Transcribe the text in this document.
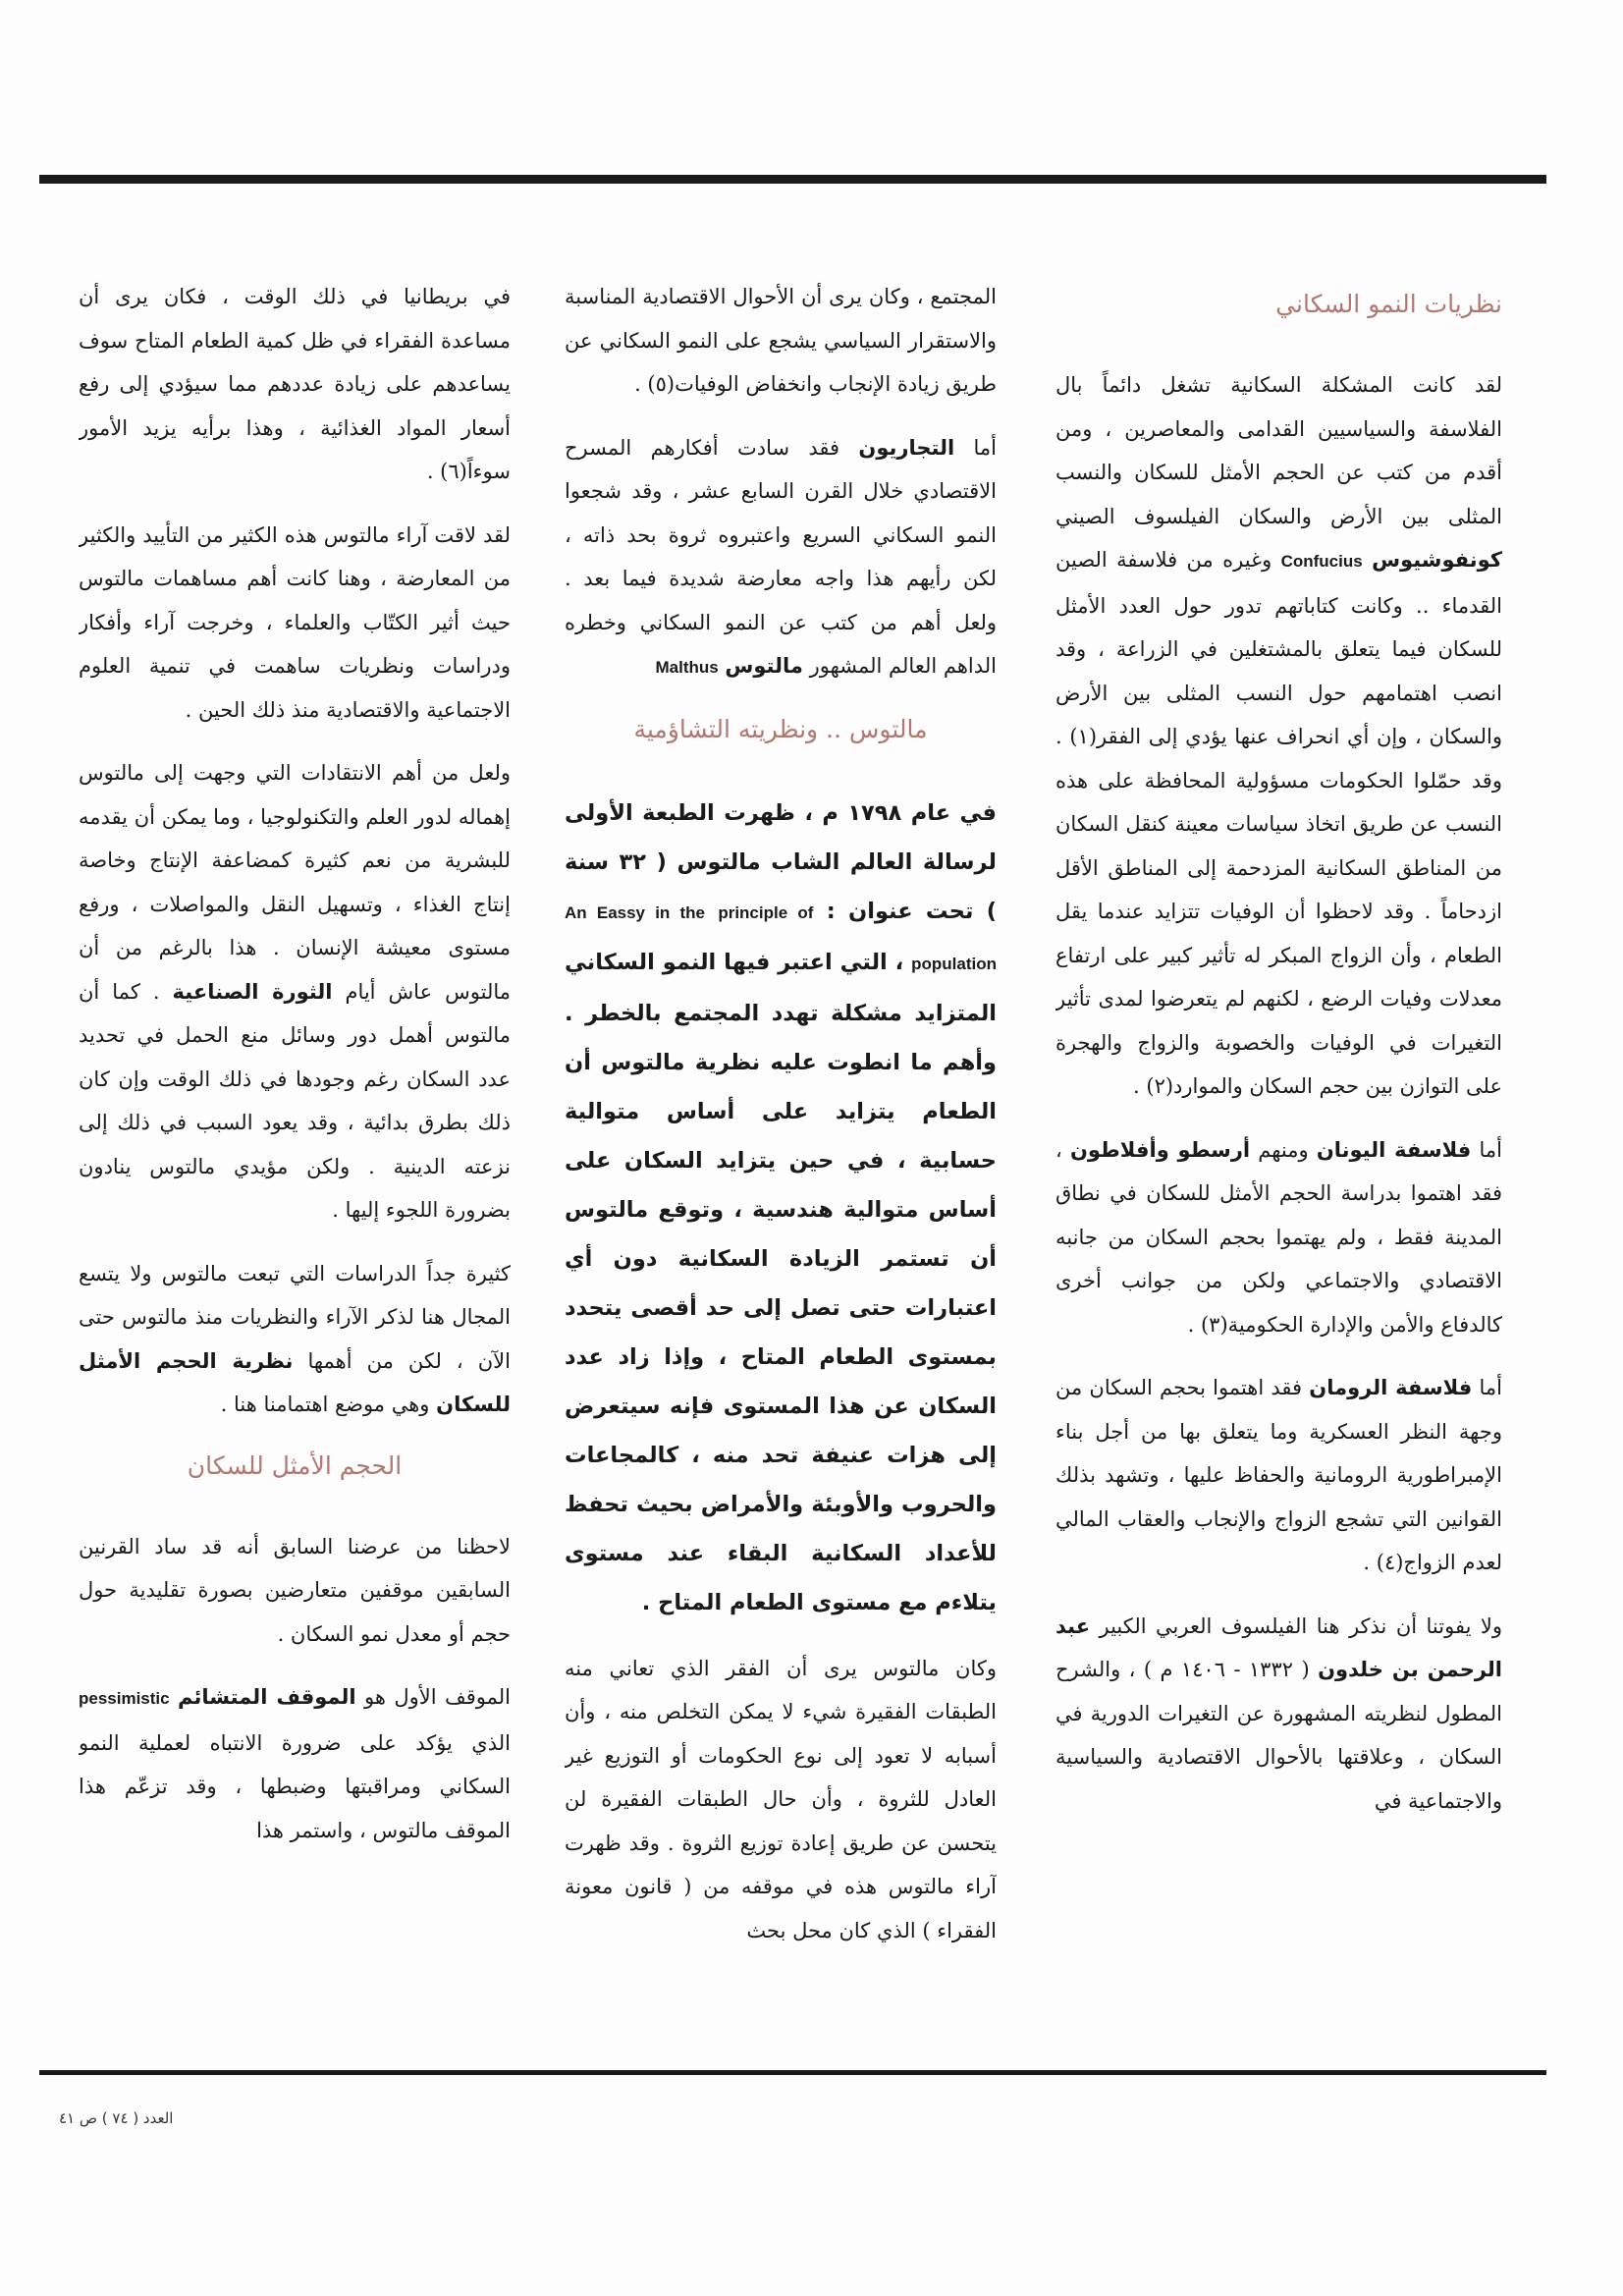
نظريات النمو السكاني

لقد كانت المشكلة السكانية تشغل دائماً بال الفلاسفة والسياسيين القدامى والمعاصرين ، ومن أقدم من كتب عن الحجم الأمثل للسكان والنسب المثلى بين الأرض والسكان الفيلسوف الصيني كونفوشيوس Confucius وغيره من فلاسفة الصين القدماء .. وكانت كتاباتهم تدور حول العدد الأمثل للسكان فيما يتعلق بالمشتغلين في الزراعة ، وقد انصب اهتمامهم حول النسب المثلى بين الأرض والسكان ، وإن أي انحراف عنها يؤدي إلى الفقر(١) . وقد حمّلوا الحكومات مسؤولية المحافظة على هذه النسب عن طريق اتخاذ سياسات معينة كنقل السكان من المناطق السكانية المزدحمة إلى المناطق الأقل ازدحاماً . وقد لاحظوا أن الوفيات تتزايد عندما يقل الطعام ، وأن الزواج المبكر له تأثير كبير على ارتفاع معدلات وفيات الرضع ، لكنهم لم يتعرضوا لمدى تأثير التغيرات في الوفيات والخصوبة والزواج والهجرة على التوازن بين حجم السكان والموارد(٢) .

أما فلاسفة اليونان ومنهم أرسطو وأفلاطون ، فقد اهتموا بدراسة الحجم الأمثل للسكان في نطاق المدينة فقط ، ولم يهتموا بحجم السكان من جانبه الاقتصادي والاجتماعي ولكن من جوانب أخرى كالدفاع والأمن والإدارة الحكومية(٣) .

أما فلاسفة الرومان فقد اهتموا بحجم السكان من وجهة النظر العسكرية وما يتعلق بها من أجل بناء الإمبراطورية الرومانية والحفاظ عليها ، وتشهد بذلك القوانين التي تشجع الزواج والإنجاب والعقاب المالي لعدم الزواج(٤) .

ولا يفوتنا أن نذكر هنا الفيلسوف العربي الكبير عبد الرحمن بن خلدون ( ١٣٣٢ - ١٤٠٦ م ) ، والشرح المطول لنظريته المشهورة عن التغيرات الدورية في السكان ، وعلاقتها بالأحوال الاقتصادية والسياسية والاجتماعية في

المجتمع ، وكان يرى أن الأحوال الاقتصادية المناسبة والاستقرار السياسي يشجع على النمو السكاني عن طريق زيادة الإنجاب وانخفاض الوفيات(٥) .

أما التجاريون فقد سادت أفكارهم المسرح الاقتصادي خلال القرن السابع عشر ، وقد شجعوا النمو السكاني السريع واعتبروه ثروة بحد ذاته ، لكن رأيهم هذا واجه معارضة شديدة فيما بعد . ولعل أهم من كتب عن النمو السكاني وخطره الداهم العالم المشهور مالتوس Malthus

مالتوس .. ونظريته التشاؤمية

في عام ١٧٩٨ م ، ظهرت الطبعة الأولى لرسالة العالم الشاب مالتوس ( ٣٢ سنة ) تحت عنوان : An Eassy in the principle of population ، التي اعتبر فيها النمو السكاني المتزايد مشكلة تهدد المجتمع بالخطر . وأهم ما انطوت عليه نظرية مالتوس أن الطعام يتزايد على أساس متوالية حسابية ، في حين يتزايد السكان على أساس متوالية هندسية ، وتوقع مالتوس أن تستمر الزيادة السكانية دون أي اعتبارات حتى تصل إلى حد أقصى يتحدد بمستوى الطعام المتاح ، وإذا زاد عدد السكان عن هذا المستوى فإنه سيتعرض إلى هزات عنيفة تحد منه ، كالمجاعات والحروب والأوبئة والأمراض بحيث تحفظ للأعداد السكانية البقاء عند مستوى يتلاءم مع مستوى الطعام المتاح .

وكان مالتوس يرى أن الفقر الذي تعاني منه الطبقات الفقيرة شيء لا يمكن التخلص منه ، وأن أسبابه لا تعود إلى نوع الحكومات أو التوزيع غير العادل للثروة ، وأن حال الطبقات الفقيرة لن يتحسن عن طريق إعادة توزيع الثروة . وقد ظهرت آراء مالتوس هذه في موقفه من ( قانون معونة الفقراء ) الذي كان محل بحث

في بريطانيا في ذلك الوقت ، فكان يرى أن مساعدة الفقراء في ظل كمية الطعام المتاح سوف يساعدهم على زيادة عددهم مما سيؤدي إلى رفع أسعار المواد الغذائية ، وهذا برأيه يزيد الأمور سوءاً(٦) .

لقد لاقت آراء مالتوس هذه الكثير من التأييد والكثير من المعارضة ، وهنا كانت أهم مساهمات مالتوس حيث أثير الكتّاب والعلماء ، وخرجت آراء وأفكار ودراسات ونظريات ساهمت في تنمية العلوم الاجتماعية والاقتصادية منذ ذلك الحين .

ولعل من أهم الانتقادات التي وجهت إلى مالتوس إهماله لدور العلم والتكنولوجيا ، وما يمكن أن يقدمه للبشرية من نعم كثيرة كمضاعفة الإنتاج وخاصة إنتاج الغذاء ، وتسهيل النقل والمواصلات ، ورفع مستوى معيشة الإنسان . هذا بالرغم من أن مالتوس عاش أيام الثورة الصناعية . كما أن مالتوس أهمل دور وسائل منع الحمل في تحديد عدد السكان رغم وجودها في ذلك الوقت وإن كان ذلك بطرق بدائية ، وقد يعود السبب في ذلك إلى نزعته الدينية . ولكن مؤيدي مالتوس ينادون بضرورة اللجوء إليها .

كثيرة جداً الدراسات التي تبعت مالتوس ولا يتسع المجال هنا لذكر الآراء والنظريات منذ مالتوس حتى الآن ، لكن من أهمها نظرية الحجم الأمثل للسكان وهي موضع اهتمامنا هنا .

الحجم الأمثل للسكان

لاحظنا من عرضنا السابق أنه قد ساد القرنين السابقين موقفين متعارضين بصورة تقليدية حول حجم أو معدل نمو السكان .

الموقف الأول هو الموقف المتشائم pessimistic الذي يؤكد على ضرورة الانتباه لعملية النمو السكاني ومراقبتها وضبطها ، وقد تزعّم هذا الموقف مالتوس ، واستمر هذا

العدد ( ٧٤ ) ص ٤١
